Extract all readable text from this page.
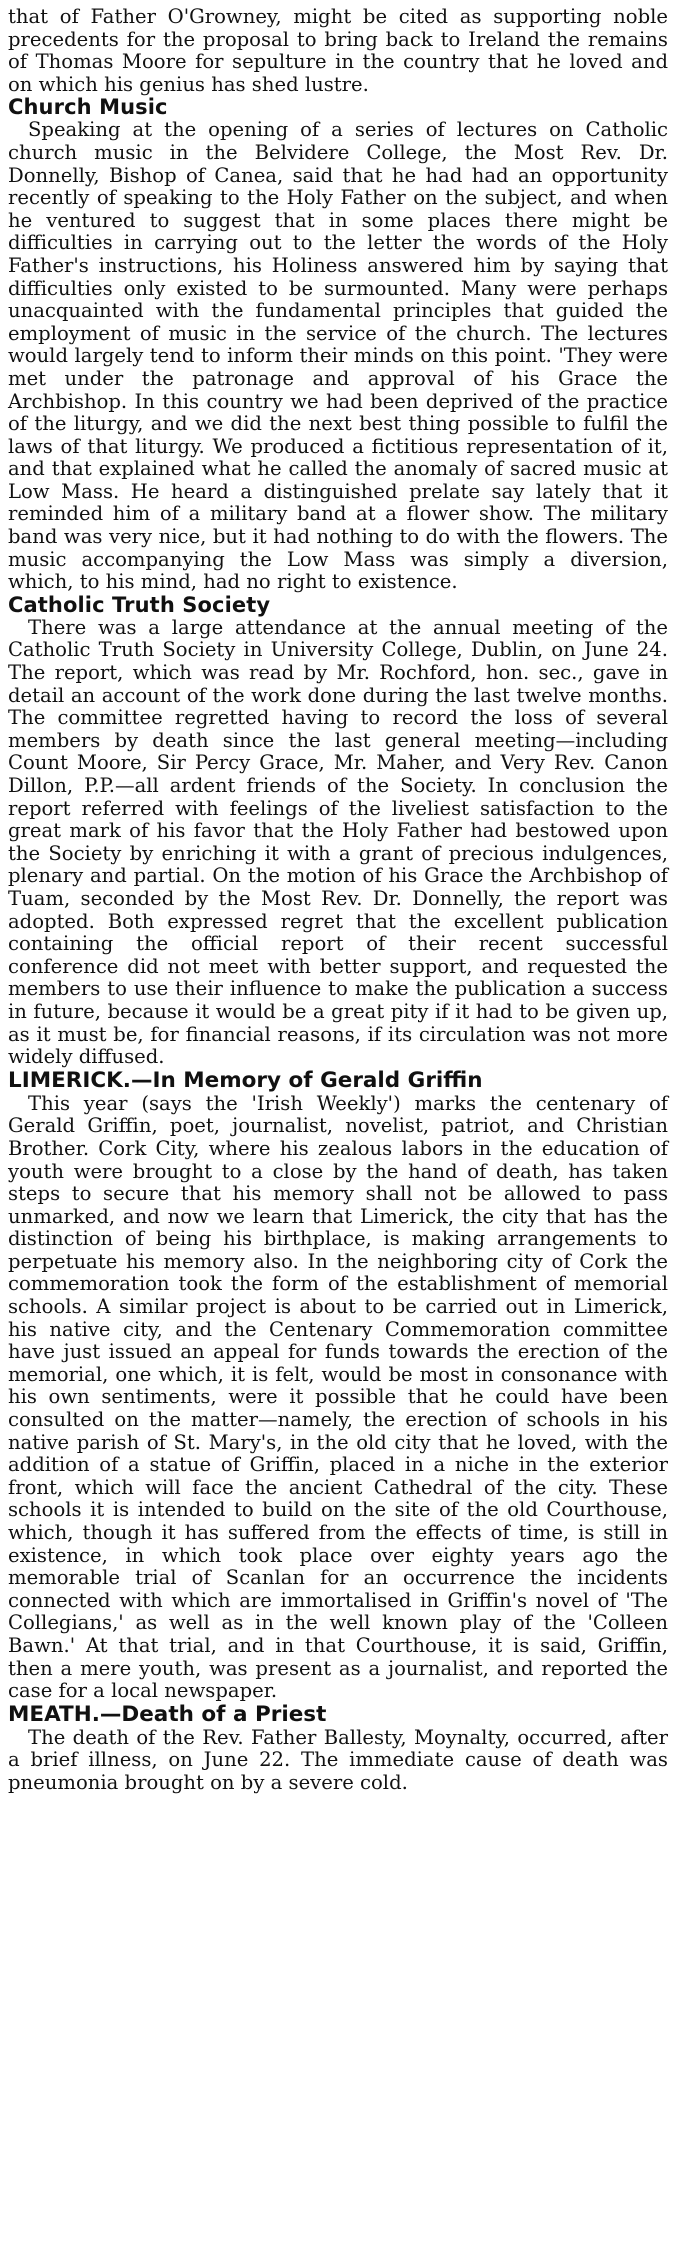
that of Father O'Growney, might be cited as supporting noble precedents for the proposal to bring back to Ireland the remains of Thomas Moore for sepulture in the country that he loved and on which his genius has shed lustre.

Church Music

Speaking at the opening of a series of lectures on Catholic church music in the Belvidere College, the Most Rev. Dr. Donnelly, Bishop of Canea, said that he had had an opportunity recently of speaking to the Holy Father on the subject, and when he ventured to suggest that in some places there might be difficulties in carrying out to the letter the words of the Holy Father's instructions, his Holiness answered him by saying that difficulties only existed to be surmounted. Many were perhaps unacquainted with the fundamental principles that guided the employment of music in the service of the church. The lectures would largely tend to inform their minds on this point. 'They were met under the patronage and approval of his Grace the Archbishop. In this country we had been deprived of the practice of the liturgy, and we did the next best thing possible to fulfil the laws of that liturgy. We produced a fictitious representation of it, and that explained what he called the anomaly of sacred music at Low Mass. He heard a distinguished prelate say lately that it reminded him of a military band at a flower show. The military band was very nice, but it had nothing to do with the flowers. The music accompanying the Low Mass was simply a diversion, which, to his mind, had no right to existence.

Catholic Truth Society

There was a large attendance at the annual meeting of the Catholic Truth Society in University College, Dublin, on June 24. The report, which was read by Mr. Rochford, hon. sec., gave in detail an account of the work done during the last twelve months. The committee regretted having to record the loss of several members by death since the last general meeting—including Count Moore, Sir Percy Grace, Mr. Maher, and Very Rev. Canon Dillon, P.P.—all ardent friends of the Society. In conclusion the report referred with feelings of the liveliest satisfaction to the great mark of his favor that the Holy Father had bestowed upon the Society by enriching it with a grant of precious indulgences, plenary and partial. On the motion of his Grace the Archbishop of Tuam, seconded by the Most Rev. Dr. Donnelly, the report was adopted. Both expressed regret that the excellent publication containing the official report of their recent successful conference did not meet with better support, and requested the members to use their influence to make the publication a success in future, because it would be a great pity if it had to be given up, as it must be, for financial reasons, if its circulation was not more widely diffused.

LIMERICK.—In Memory of Gerald Griffin

This year (says the 'Irish Weekly') marks the centenary of Gerald Griffin, poet, journalist, novelist, patriot, and Christian Brother. Cork City, where his zealous labors in the education of youth were brought to a close by the hand of death, has taken steps to secure that his memory shall not be allowed to pass unmarked, and now we learn that Limerick, the city that has the distinction of being his birthplace, is making arrangements to perpetuate his memory also. In the neighboring city of Cork the commemoration took the form of the establishment of memorial schools. A similar project is about to be carried out in Limerick, his native city, and the Centenary Commemoration committee have just issued an appeal for funds towards the erection of the memorial, one which, it is felt, would be most in consonance with his own sentiments, were it possible that he could have been consulted on the matter—namely, the erection of schools in his native parish of St. Mary's, in the old city that he loved, with the addition of a statue of Griffin, placed in a niche in the exterior front, which will face the ancient Cathedral of the city. These schools it is intended to build on the site of the old Courthouse, which, though it has suffered from the effects of time, is still in existence, in which took place over eighty years ago the memorable trial of Scanlan for an occurrence the incidents connected with which are immortalised in Griffin's novel of 'The Collegians,' as well as in the well known play of the 'Colleen Bawn.' At that trial, and in that Courthouse, it is said, Griffin, then a mere youth, was present as a journalist, and reported the case for a local newspaper.

MEATH.—Death of a Priest

The death of the Rev. Father Ballesty, Moynalty, occurred, after a brief illness, on June 22. The immediate cause of death was pneumonia brought on by a severe cold.
